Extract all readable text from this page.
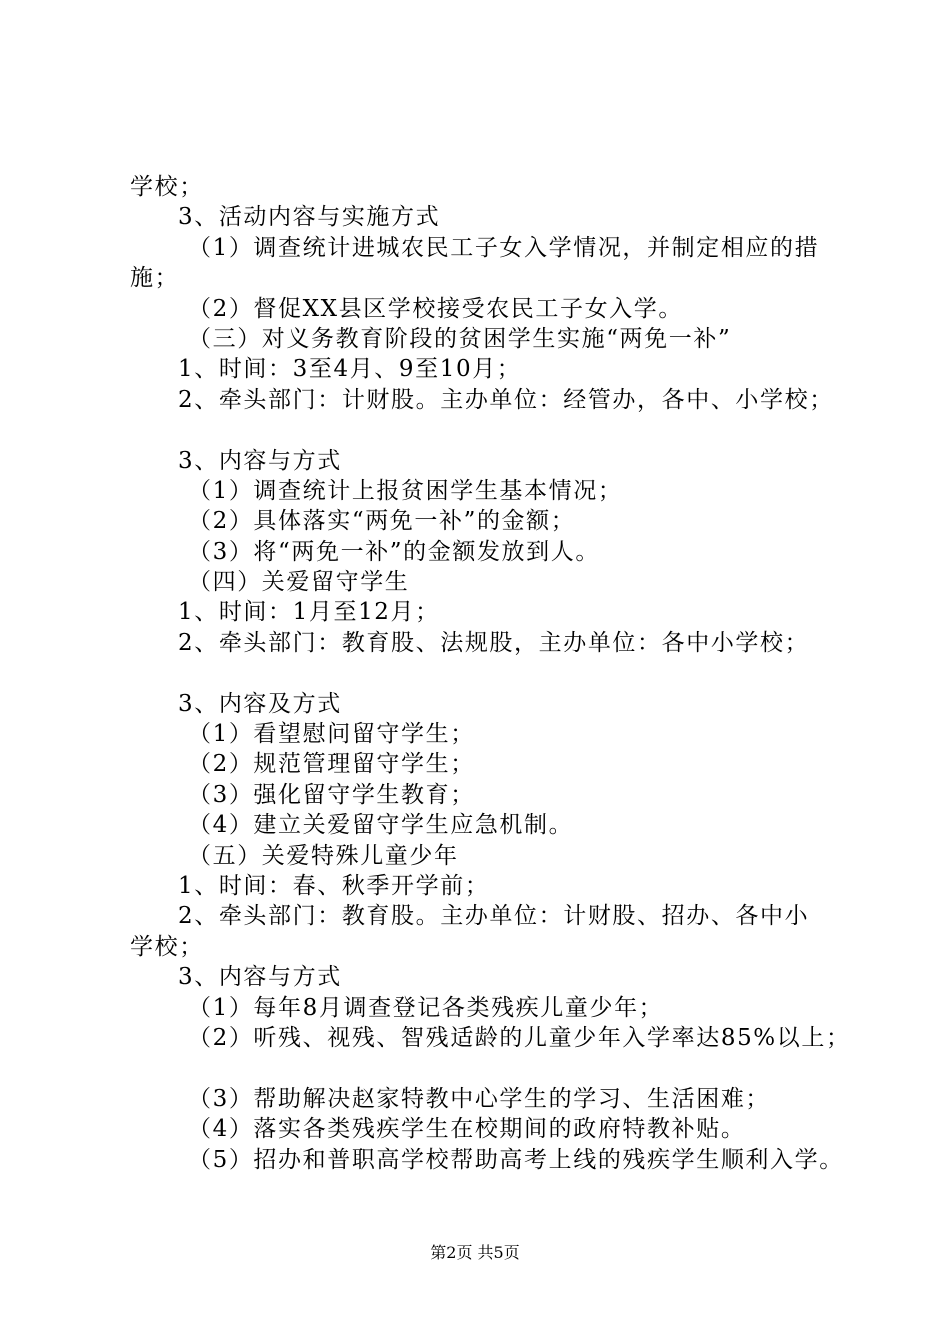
学校；
3、活动内容与实施方式
（1）调查统计进城农民工子女入学情况，并制定相应的措
施；
（2）督促XX县区学校接受农民工子女入学。
（三）对义务教育阶段的贫困学生实施“两免一补”
1、时间：3至4月、9至10月；
2、牵头部门：计财股。主办单位：经管办，各中、小学校；
3、内容与方式
（1）调查统计上报贫困学生基本情况；
（2）具体落实“两免一补”的金额；
（3）将“两免一补”的金额发放到人。
（四）关爱留守学生
1、时间：1月至12月；
2、牵头部门：教育股、法规股，主办单位：各中小学校；
3、内容及方式
（1）看望慰问留守学生；
（2）规范管理留守学生；
（3）强化留守学生教育；
（4）建立关爱留守学生应急机制。
（五）关爱特殊儿童少年
1、时间：春、秋季开学前；
2、牵头部门：教育股。主办单位：计财股、招办、各中小
学校；
3、内容与方式
（1）每年8月调查登记各类残疾儿童少年；
（2）听残、视残、智残适龄的儿童少年入学率达85%以上；
（3）帮助解决赵家特教中心学生的学习、生活困难；
（4）落实各类残疾学生在校期间的政府特教补贴。
（5）招办和普职高学校帮助高考上线的残疾学生顺利入学。
第2页 共5页
